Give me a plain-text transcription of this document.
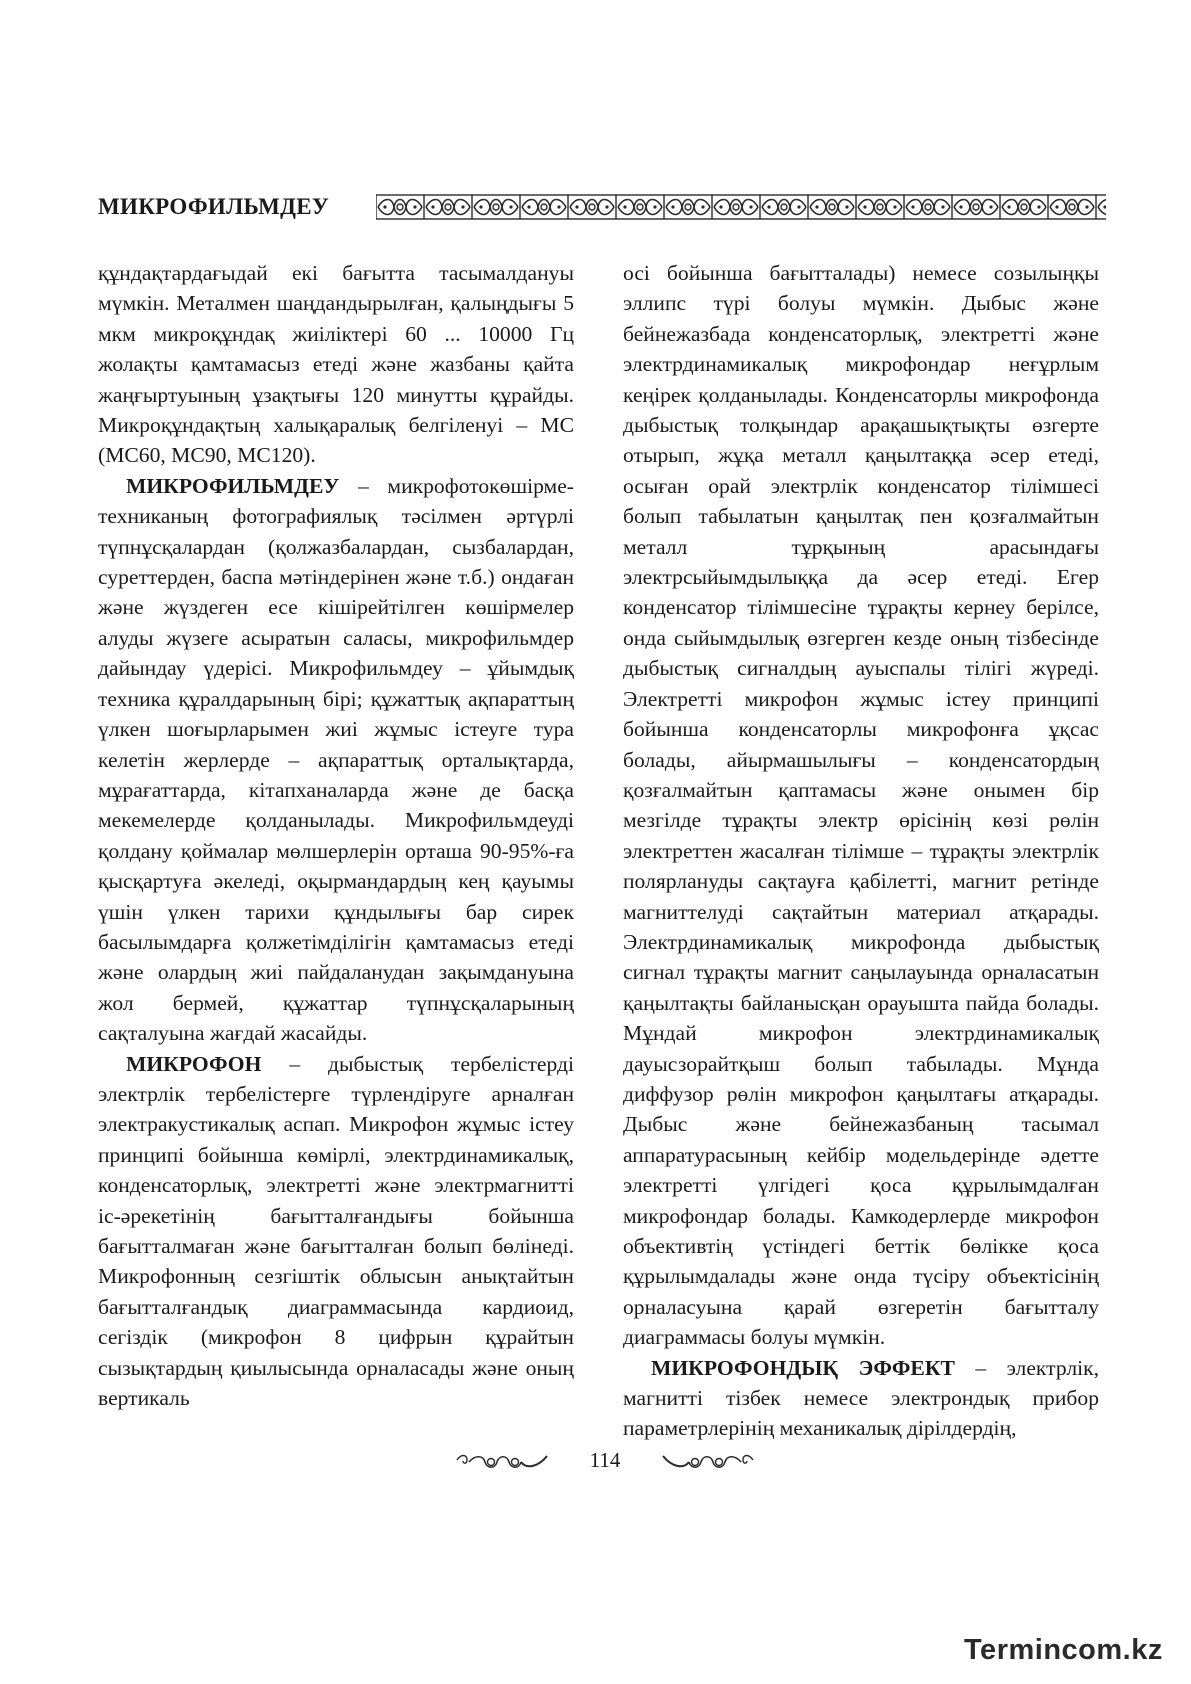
МИКРОФИЛЬМДЕУ

құндақтардағыдай екі бағытта тасымалдануы мүмкін. Металмен шаңдандырылған, қалыңдығы 5 мкм микроқұндақ жиіліктері 60 ... 10000 Гц жолақты қамтамасыз етеді және жазбаны қайта жаңғыртуының ұзақтығы 120 минутты құрайды. Микроқұндақтың халықаралық белгіленуі – МС (МС60, МС90, МС120).

МИКРОФИЛЬМДЕУ – микрофотокөшірме-техниканың фотографиялық тәсілмен әртүрлі түпнұсқалардан (қолжазбалардан, сызбалардан, суреттерден, баспа мәтіндерінен және т.б.) ондаған және жүздеген есе кішірейтілген көшірмелер алуды жүзеге асыратын саласы, микрофильмдер дайындау үдерісі. Микрофильмдеу – ұйымдық техника құралдарының бірі; құжаттық ақпараттың үлкен шоғырларымен жиі жұмыс істеуге тура келетін жерлерде – ақпараттық орталықтарда, мұрағаттарда, кітапханаларда және де басқа мекемелерде қолданылады. Микрофильмдеуді қолдану қоймалар мөлшерлерін орташа 90-95%-ға қысқартуға әкеледі, оқырмандардың кең қауымы үшін үлкен тарихи құндылығы бар сирек басылымдарға қолжетімділігін қамтамасыз етеді және олардың жиі пайдаланудан зақымдануына жол бермей, құжаттар түпнұсқаларының сақталуына жағдай жасайды.

МИКРОФОН – дыбыстық тербелістерді электрлік тербелістерге түрлендіруге арналған электракустикалық аспап. Микрофон жұмыс істеу принципі бойынша көмірлі, электрдинамикалық, конденсаторлық, электретті және электрмагнитті іс-әрекетінің бағытталғандығы бойынша бағытталмаған және бағытталған болып бөлінеді. Микрофонның сезгіштік облысын анықтайтын бағытталғандық диаграммасында кардиоид, сегіздік (микрофон 8 цифрын құрайтын сызықтардың қиылысында орналасады және оның вертикаль

осі бойынша бағытталады) немесе созылыңқы эллипс түрі болуы мүмкін. Дыбыс және бейнежазбада конденсаторлық, электретті және электрдинамикалық микрофондар неғұрлым кеңірек қолданылады. Конденсаторлы микрофонда дыбыстық толқындар арақашықтықты өзгерте отырып, жұқа металл қаңылтаққа әсер етеді, осыған орай электрлік конденсатор тілімшесі болып табылатын қаңылтақ пен қозғалмайтын металл тұрқының арасындағы электрсыйымдылыққа да әсер етеді. Егер конденсатор тілімшесіне тұрақты кернеу берілсе, онда сыйымдылық өзгерген кезде оның тізбесінде дыбыстық сигналдың ауыспалы тілігі жүреді. Электретті микрофон жұмыс істеу принципі бойынша конденсаторлы микрофонға ұқсас болады, айырмашылығы – конденсатордың қозғалмайтын қаптамасы және онымен бір мезгілде тұрақты электр өрісінің көзі рөлін электреттен жасалған тілімше – тұрақты электрлік полярлануды сақтауға қабілетті, магнит ретінде магниттелуді сақтайтын материал атқарады. Электрдинамикалық микрофонда дыбыстық сигнал тұрақты магнит саңылауында орналасатын қаңылтақты байланысқан орауышта пайда болады. Мұндай микрофон электрдинамикалық дауысзорайтқыш болып табылады. Мұнда диффузор рөлін микрофон қаңылтағы атқарады. Дыбыс және бейнежазбаның тасымал аппаратурасының кейбір модельдерінде әдетте электретті үлгідегі қоса құрылымдалған микрофондар болады. Камкодерлерде микрофон объективтің үстіндегі беттік бөлікке қоса құрылымдалады және онда түсіру объектісінің орналасуына қарай өзгеретін бағытталу диаграммасы болуы мүмкін.

МИКРОФОНДЫҚ ЭФФЕКТ – электрлік, магнитті тізбек немесе электрондық прибор параметрлерінің механикалық дірілдердің,

114
Termincom.kz
